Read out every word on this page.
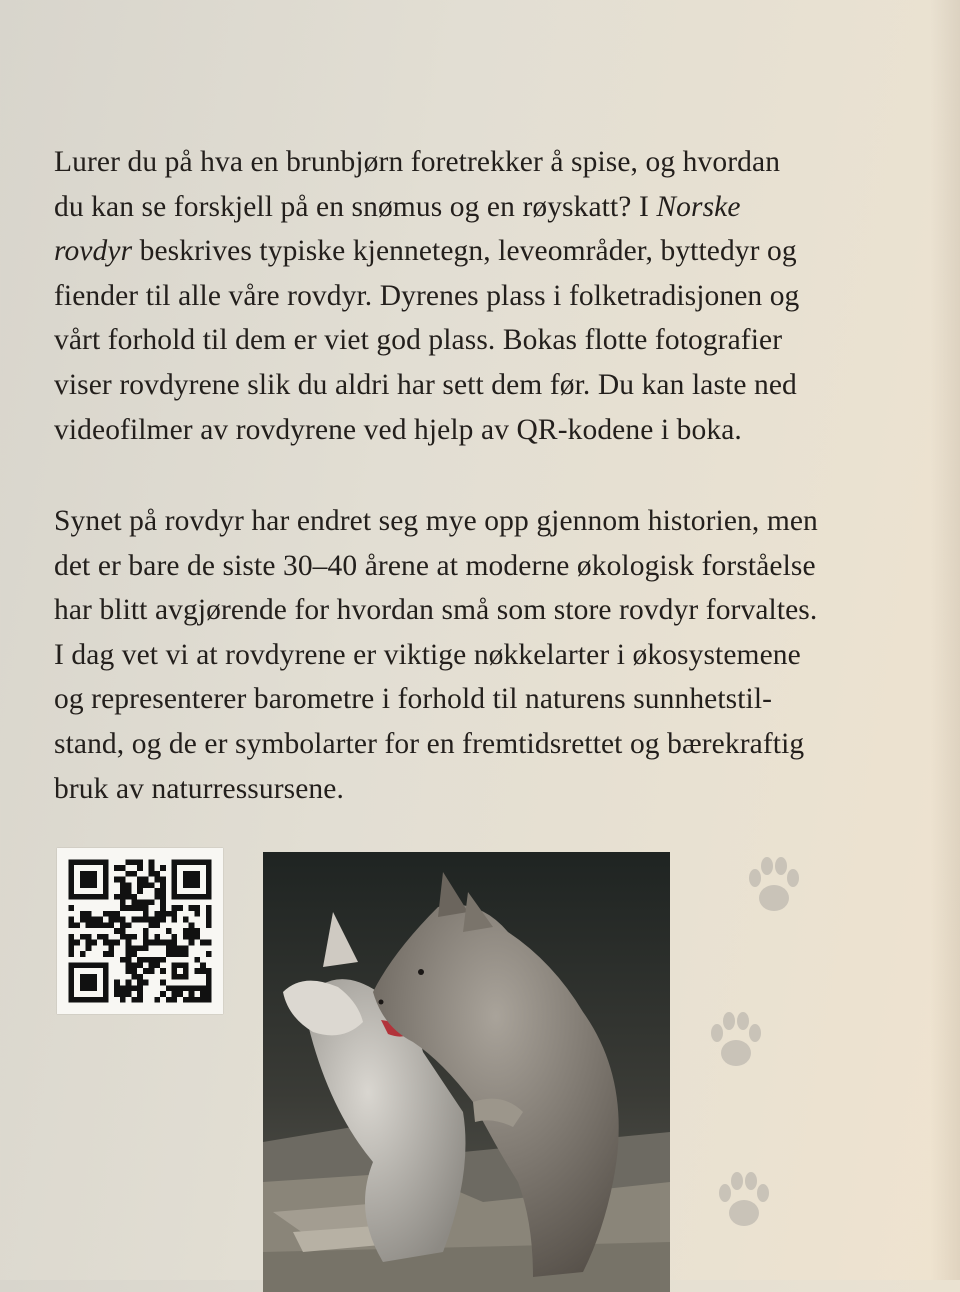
Lurer du på hva en brunbjørn foretrekker å spise, og hvordan
du kan se forskjell på en snømus og en røyskatt? I Norske
rovdyr beskrives typiske kjennetegn, leveområder, byttedyr og
fiender til alle våre rovdyr. Dyrenes plass i folketradisjonen og
vårt forhold til dem er viet god plass. Bokas flotte fotografier
viser rovdyrene slik du aldri har sett dem før. Du kan laste ned
videofilmer av rovdyrene ved hjelp av QR-kodene i boka.
Synet på rovdyr har endret seg mye opp gjennom historien, men
det er bare de siste 30–40 årene at moderne økologisk forståelse
har blitt avgjørende for hvordan små som store rovdyr forvaltes.
I dag vet vi at rovdyrene er viktige nøkkelarter i økosystemene
og representerer barometre i forhold til naturens sunnhetstil-
stand, og de er symbolarter for en fremtidsrettet og bærekraftig
bruk av naturressursene.
